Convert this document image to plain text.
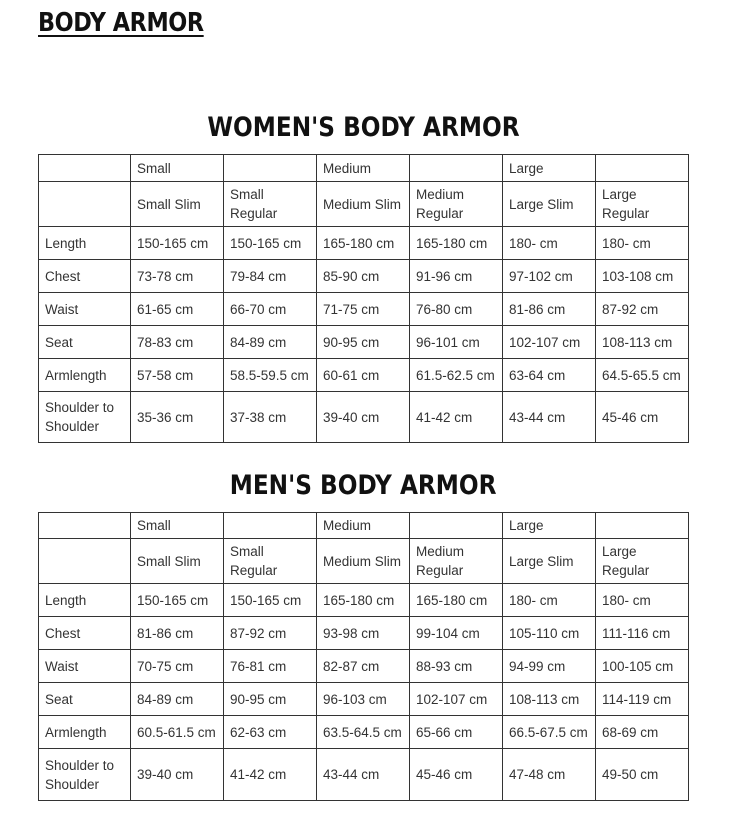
BODY ARMOR
WOMEN'S BODY ARMOR
	Small		Medium		Large	
	Small Slim	Small Regular	Medium Slim	Medium Regular	Large Slim	Large Regular
Length	150-165 cm	150-165 cm	165-180 cm	165-180 cm	180- cm	180- cm
Chest	73-78 cm	79-84 cm	85-90 cm	91-96 cm	97-102 cm	103-108 cm
Waist	61-65 cm	66-70 cm	71-75 cm	76-80 cm	81-86 cm	87-92 cm
Seat	78-83 cm	84-89 cm	90-95 cm	96-101 cm	102-107 cm	108-113 cm
Armlength	57-58 cm	58.5-59.5 cm	60-61 cm	61.5-62.5 cm	63-64 cm	64.5-65.5 cm
Shoulder to Shoulder	35-36 cm	37-38 cm	39-40 cm	41-42 cm	43-44 cm	45-46 cm
MEN'S BODY ARMOR
	Small		Medium		Large	
	Small Slim	Small Regular	Medium Slim	Medium Regular	Large Slim	Large Regular
Length	150-165 cm	150-165 cm	165-180 cm	165-180 cm	180- cm	180- cm
Chest	81-86 cm	87-92 cm	93-98 cm	99-104 cm	105-110 cm	111-116 cm
Waist	70-75 cm	76-81 cm	82-87 cm	88-93 cm	94-99 cm	100-105 cm
Seat	84-89 cm	90-95 cm	96-103 cm	102-107 cm	108-113 cm	114-119 cm
Armlength	60.5-61.5 cm	62-63 cm	63.5-64.5 cm	65-66 cm	66.5-67.5 cm	68-69 cm
Shoulder to Shoulder	39-40 cm	41-42 cm	43-44 cm	45-46 cm	47-48 cm	49-50 cm
